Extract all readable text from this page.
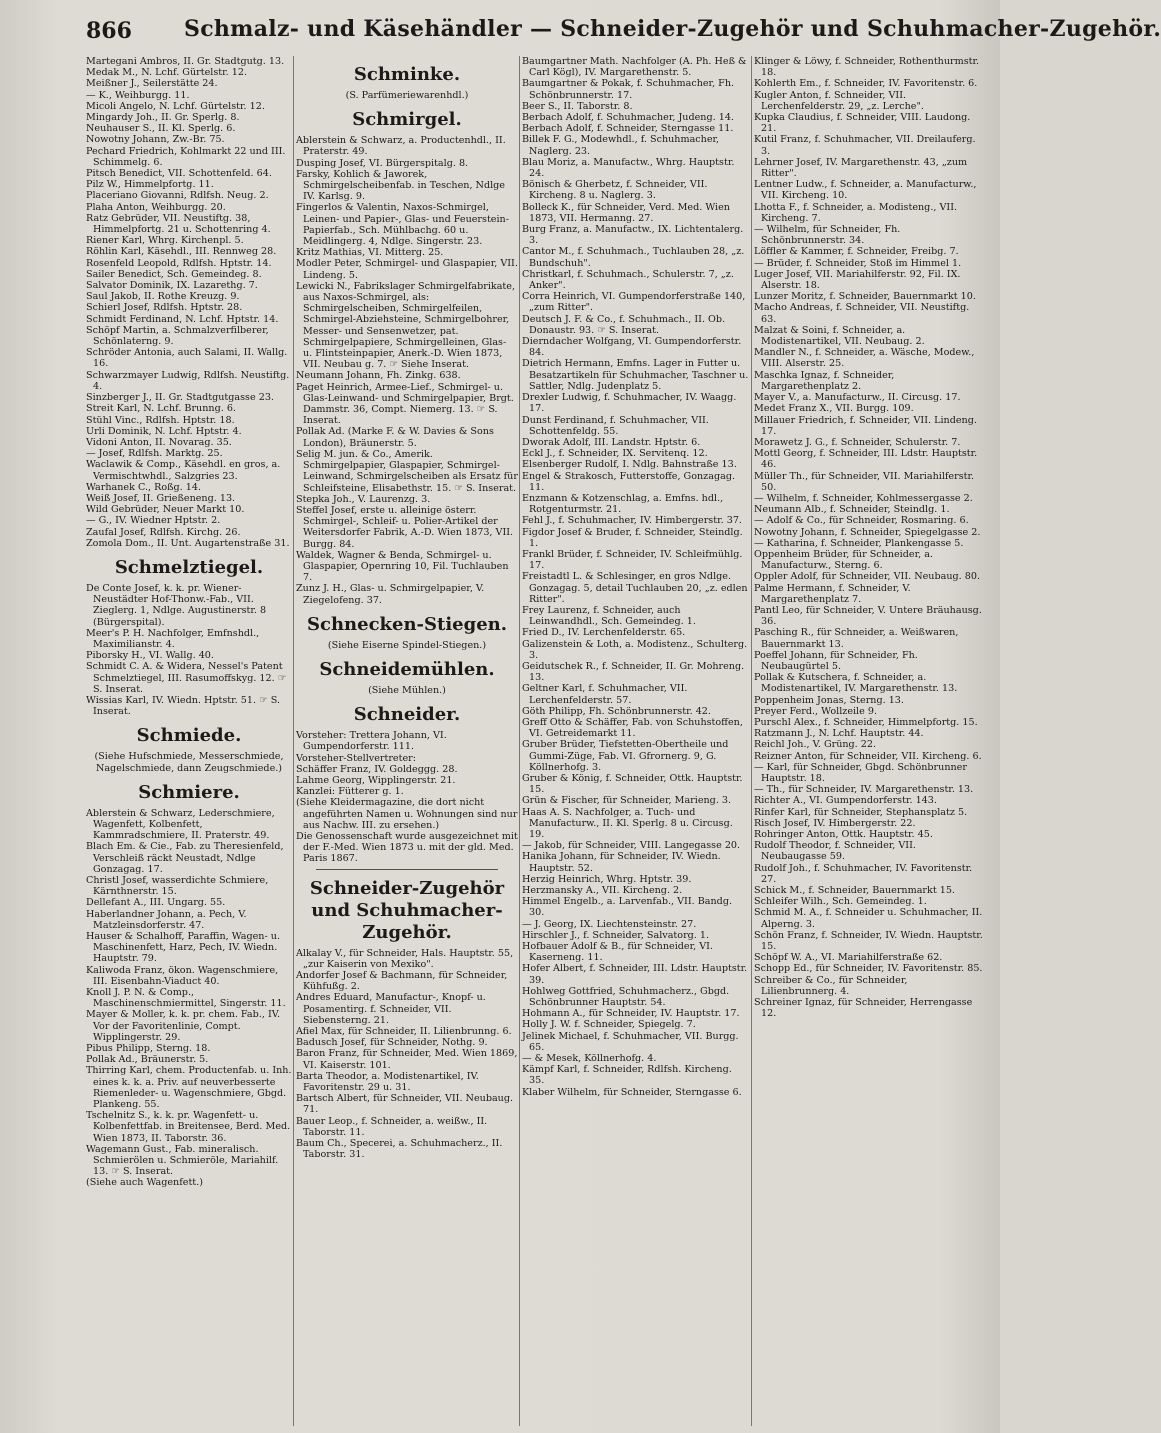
866 Schmalz- und Käsehändler — Schneider-Zugehör und Schuhmacher-Zugehör.
Martegani Ambros, II. Gr. Stadtgutg. 13.
Medak M., N. Lchf. Gürtelstr. 12.
Meißner J., Seilerstätte 24.
— K., Weihburgg. 11.
Micoli Angelo, N. Lchf. Gürtelstr. 12.
Mingardy Joh., II. Gr. Sperlg. 8.
Neuhauser S., II. Kl. Sperlg. 6.
Nowotny Johann, Zw.-Br. 75.
Pechard Friedrich, Kohlmarkt 22 und III. Schimmelg. 6.
Pitsch Benedict, VII. Schottenfeld. 64.
Pilz W., Himmelpfortg. 11.
Placeriano Giovanni, Rdlfsh. Neug. 2.
Plaha Anton, Weihburgg. 20.
Ratz Gebrüder, VII. Neustiftg. 38, Himmelpfortg. 21 u. Schottenring 4.
Riener Karl, Whrg. Kirchenpl. 5.
Röhlin Karl, Käsehdl., III. Rennweg 28.
Rosenfeld Leopold, Rdlfsh. Hptstr. 14.
Sailer Benedict, Sch. Gemeindeg. 8.
Salvator Dominik, IX. Lazarethg. 7.
Saul Jakob, II. Rothe Kreuzg. 9.
Schierl Josef, Rdlfsh. Hptstr. 28.
Schmidt Ferdinand, N. Lchf. Hptstr. 14.
Schöpf Martin, a. Schmalzverfilberer, Schönlaterng. 9.
Schröder Antonia, auch Salami, II. Wallg. 16.
Schwarzmayer Ludwig, Rdlfsh. Neustiftg. 4.
Sinzberger J., II. Gr. Stadtgutgasse 23.
Streit Karl, N. Lchf. Brunng. 6.
Stühl Vinc., Rdlfsh. Hptstr. 18.
Urli Dominik, N. Lchf. Hptstr. 4.
Vidoni Anton, II. Novarag. 35.
— Josef, Rdlfsh. Marktg. 25.
Waclawik & Comp., Käsehdl. en gros, a. Vermischtwhdl., Salzgries 23.
Warhanek C., Roßg. 14.
Weiß Josef, II. Grießeneng. 13.
Wild Gebrüder, Neuer Markt 10.
— G., IV. Wiedner Hptstr. 2.
Zaufal Josef, Rdlfsh. Kirchg. 26.
Zomola Dom., II. Unt. Augartenstraße 31.
Schmelztiegel.
De Conte Josef, k. k. pr. Wiener-Neustädter Hof-Thonw.-Fab., VII. Zieglerg. 1, Ndlge. Augustinerstr. 8 (Bürgerspital).
Meer's P. H. Nachfolger, Emfnshdl., Maximilianstr. 4.
Piborsky H., VI. Wallg. 40.
Schmidt C. A. & Widera, Nessel's Patent Schmelztiegel, III. Rasumoffskyg. 12. ☞ S. Inserat.
Wissias Karl, IV. Wiedn. Hptstr. 51. ☞ S. Inserat.
Schmiede.
(Siehe Hufschmiede, Messerschmiede, Nagelschmiede, dann Zeugschmiede.)
Schmiere.
Ablerstein & Schwarz, Lederschmiere, Wagenfett, Kolbenfett, Kammradschmiere, II. Praterstr. 49.
Blach Em. & Cie., Fab. zu Theresienfeld, Verschleiß räckt Neustadt, Ndlge Gonzagag. 17.
Christl Josef, wasserdichte Schmiere, Kärnthnerstr. 15.
Dellefant A., III. Ungarg. 55.
Haberlandner Johann, a. Pech, V. Matzleinsdorferstr. 47.
Hauser & Schalhoff, Paraffin, Wagen- u. Maschinenfett, Harz, Pech, IV. Wiedn. Hauptstr. 79.
Kaliwoda Franz, ökon. Wagenschmiere, III. Eisenbahn-Viaduct 40.
Knoll J. P. N. & Comp., Maschinenschmiermittel, Singerstr. 11.
Mayer & Moller, k. k. pr. chem. Fab., IV. Vor der Favoritenlinie, Compt. Wipplingerstr. 29.
Pibus Philipp, Sterng. 18.
Pollak Ad., Bräunerstr. 5.
Thirring Karl, chem. Productenfab. u. Inh. eines k. k. a. Priv. auf neuverbesserte Riemenleder- u. Wagenschmiere, Gbgd. Plankeng. 55.
Tschelnitz S., k. k. pr. Wagenfett- u. Kolbenfettfab. in Breitensee, Berd. Med. Wien 1873, II. Taborstr. 36.
Wagemann Gust., Fab. mineralisch. Schmierölen u. Schmieröle, Mariahilf. 13. ☞ S. Inserat.
(Siehe auch Wagenfett.)
Schminke.
(S. Parfümeriewarenhdl.)
Schmirgel.
Ablerstein & Schwarz, a. Productenhdl., II. Praterstr. 49.
Dusping Josef, VI. Bürgerspitalg. 8.
Farsky, Kohlich & Jaworek, Schmirgelscheibenfab. in Teschen, Ndlge IV. Karlsg. 9.
Fingerlos & Valentin, Naxos-Schmirgel, Leinen- und Papier-, Glas- und Feuerstein-Papierfab., Sch. Mühlbachg. 60 u. Meidlingerg. 4, Ndlge. Singerstr. 23.
Kritz Mathias, VI. Mitterg. 25.
Modler Peter, Schmirgel- und Glaspapier, VII. Lindeng. 5.
Lewicki N., Fabrikslager Schmirgelfabrikate, aus Naxos-Schmirgel, als: Schmirgelscheiben, Schmirgelfeilen, Schmirgel-Abziehsteine, Schmirgelbohrer, Messer- und Sensenwetzer, pat. Schmirgelpapiere, Schmirgelleinen, Glas- u. Flintsteinpapier, Anerk.-D. Wien 1873, VII. Neubau g. 7. ☞ Siehe Inserat.
Neumann Johann, Fh. Zinkg. 638.
Paget Heinrich, Armee-Lief., Schmirgel- u. Glas-Leinwand- und Schmirgelpapier, Brgt. Dammstr. 36, Compt. Niemerg. 13. ☞ S. Inserat.
Pollak Ad. (Marke F. & W. Davies & Sons London), Bräunerstr. 5.
Selig M. jun. & Co., Amerik. Schmirgelpapier, Glaspapier, Schmirgel-Leinwand, Schmirgelscheiben als Ersatz für Schleifsteine, Elisabethstr. 15. ☞ S. Inserat.
Stepka Joh., V. Laurenzg. 3.
Steffel Josef, erste u. alleinige österr. Schmirgel-, Schleif- u. Polier-Artikel der Weitersdorfer Fabrik, A.-D. Wien 1873, VII. Burgg. 84.
Waldek, Wagner & Benda, Schmirgel- u. Glaspapier, Opernring 10, Fil. Tuchlauben 7.
Zunz J. H., Glas- u. Schmirgelpapier, V. Ziegelofeng. 37.
Schnecken-Stiegen.
(Siehe Eiserne Spindel-Stiegen.)
Schneidemühlen.
(Siehe Mühlen.)
Schneider.
Vorsteher: Trettera Johann, VI. Gumpendorferstr. 111.
Vorsteher-Stellvertreter:
Schäffer Franz, IV. Goldeggg. 28.
Lahme Georg, Wipplingerstr. 21.
Kanzlei: Fütterer g. 1.
(Siehe Kleidermagazine, die dort nicht angeführten Namen u. Wohnungen sind nur aus Nachw. III. zu ersehen.)
Die Genossenschaft wurde ausgezeichnet mit der F.-Med. Wien 1873 u. mit der gld. Med. Paris 1867.
Schneider-Zugehör und Schuhmacher-Zugehör.
Alkalay V., für Schneider, Hals. Hauptstr. 55, „zur Kaiserin von Mexiko".
Andorfer Josef & Bachmann, für Schneider, Kühfußg. 2.
Andres Eduard, Manufactur-, Knopf- u. Posamentirg. f. Schneider, VII. Siebensterng. 21.
Afiel Max, für Schneider, II. Lilienbrunng. 6.
Badusch Josef, für Schneider, Nothg. 9.
Baron Franz, für Schneider, Med. Wien 1869, VI. Kaiserstr. 101.
Barta Theodor, a. Modistenartikel, IV. Favoritenstr. 29 u. 31.
Bartsch Albert, für Schneider, VII. Neubaug. 71.
Bauer Leop., f. Schneider, a. weißw., II. Taborstr. 11.
Baum Ch., Specerei, a. Schuhmacherz., II. Taborstr. 31.
Baumgartner Math. Nachfolger (A. Ph. Heß & Carl Kögl), IV. Margarethenstr. 5.
Baumgartner & Pokak, f. Schuhmacher, Fh. Schönbrunnerstr. 17.
Beer S., II. Taborstr. 8.
Berbach Adolf, f. Schuhmacher, Judeng. 14.
Berbach Adolf, f. Schneider, Sterngasse 11.
Billek F. G., Modewhdl., f. Schuhmacher, Naglerg. 23.
Blau Moriz, a. Manufactw., Whrg. Hauptstr. 24.
Bönisch & Gherbetz, f. Schneider, VII. Kircheng. 8 u. Naglerg. 3.
Bolleck K., für Schneider, Verd. Med. Wien 1873, VII. Hermanng. 27.
Burg Franz, a. Manufactw., IX. Lichtentalerg. 3.
Cantor M., f. Schuhmach., Tuchlauben 28, „z. Bundschuh".
Christkarl, f. Schuhmach., Schulerstr. 7, „z. Anker".
Corra Heinrich, VI. Gumpendorferstraße 140, „zum Ritter".
Deutsch J. F. & Co., f. Schuhmach., II. Ob. Donaustr. 93. ☞ S. Inserat.
Dierndacher Wolfgang, VI. Gumpendorferstr. 84.
Dietrich Hermann, Emfns. Lager in Futter u. Besatzartikeln für Schuhmacher, Taschner u. Sattler, Ndlg. Judenplatz 5.
Drexler Ludwig, f. Schuhmacher, IV. Waagg. 17.
Dunst Ferdinand, f. Schuhmacher, VII. Schottenfeldg. 55.
Dworak Adolf, III. Landstr. Hptstr. 6.
Eckl J., f. Schneider, IX. Servitenq. 12.
Elsenberger Rudolf, I. Ndlg. Bahnstraße 13.
Engel & Strakosch, Futterstoffe, Gonzagag. 11.
Enzmann & Kotzenschlag, a. Emfns. hdl., Rotgenturmstr. 21.
Fehl J., f. Schuhmacher, IV. Himbergerstr. 37.
Figdor Josef & Bruder, f. Schneider, Steindlg. 1.
Frankl Brüder, f. Schneider, IV. Schleifmühlg. 17.
Freistadtl L. & Schlesinger, en gros Ndlge. Gonzagag. 5, detail Tuchlauben 20, „z. edlen Ritter".
Frey Laurenz, f. Schneider, auch Leinwandhdl., Sch. Gemeindeg. 1.
Fried D., IV. Lerchenfelderstr. 65.
Galizenstein & Loth, a. Modistenz., Schulterg. 3.
Geidutschek R., f. Schneider, II. Gr. Mohreng. 13.
Geltner Karl, f. Schuhmacher, VII. Lerchenfelderstr. 57.
Göth Philipp, Fh. Schönbrunnerstr. 42.
Greff Otto & Schäffer, Fab. von Schuhstoffen, VI. Getreidemarkt 11.
Gruber Brüder, Tiefstetten-Obertheile und Gummi-Züge, Fab. VI. Gfrornerg. 9, G. Köllnerhofg. 3.
Gruber & König, f. Schneider, Ottk. Hauptstr. 15.
Grün & Fischer, für Schneider, Marieng. 3.
Haas A. S. Nachfolger, a. Tuch- und Manufacturw., II. Kl. Sperlg. 8 u. Circusg. 19.
— Jakob, für Schneider, VIII. Langegasse 20.
Hanika Johann, für Schneider, IV. Wiedn. Hauptstr. 52.
Herzig Heinrich, Whrg. Hptstr. 39.
Herzmansky A., VII. Kircheng. 2.
Himmel Engelb., a. Larvenfab., VII. Bandg. 30.
— J. Georg, IX. Liechtensteinstr. 27.
Hirschler J., f. Schneider, Salvatorg. 1.
Hofbauer Adolf & B., für Schneider, VI. Kaserneng. 11.
Hofer Albert, f. Schneider, III. Ldstr. Hauptstr. 39.
Hohlweg Gottfried, Schuhmacherz., Gbgd. Schönbrunner Hauptstr. 54.
Hohmann A., für Schneider, IV. Hauptstr. 17.
Holly J. W. f. Schneider, Spiegelg. 7.
Jelinek Michael, f. Schuhmacher, VII. Burgg. 65.
— & Mesek, Köllnerhofg. 4.
Kämpf Karl, f. Schneider, Rdlfsh. Kircheng. 35.
Klaber Wilhelm, für Schneider, Sterngasse 6.
Klinger & Löwy, f. Schneider, Rothenthurmstr. 18.
Kohlerth Em., f. Schneider, IV. Favoritenstr. 6.
Kugler Anton, f. Schneider, VII. Lerchenfelderstr. 29, „z. Lerche".
Kupka Claudius, f. Schneider, VIII. Laudong. 21.
Kutil Franz, f. Schuhmacher, VII. Dreilauferg. 3.
Lehrner Josef, IV. Margarethenstr. 43, „zum Ritter".
Lentner Ludw., f. Schneider, a. Manufacturw., VII. Kircheng. 10.
Lhotta F., f. Schneider, a. Modisteng., VII. Kircheng. 7.
— Wilhelm, für Schneider, Fh. Schönbrunnerstr. 34.
Löffler & Kammer, f. Schneider, Freibg. 7.
— Brüder, f. Schneider, Stoß im Himmel 1.
Luger Josef, VII. Mariahilferstr. 92, Fil. IX. Alserstr. 18.
Lunzer Moritz, f. Schneider, Bauernmarkt 10.
Macho Andreas, f. Schneider, VII. Neustiftg. 63.
Malzat & Soini, f. Schneider, a. Modistenartikel, VII. Neubaug. 2.
Mandler N., f. Schneider, a. Wäsche, Modew., VIII. Alserstr. 25.
Maschka Ignaz, f. Schneider, Margarethenplatz 2.
Mayer V., a. Manufacturw., II. Circusg. 17.
Medet Franz X., VII. Burgg. 109.
Millauer Friedrich, f. Schneider, VII. Lindeng. 17.
Morawetz J. G., f. Schneider, Schulerstr. 7.
Mottl Georg, f. Schneider, III. Ldstr. Hauptstr. 46.
Müller Th., für Schneider, VII. Mariahilferstr. 50.
— Wilhelm, f. Schneider, Kohlmessergasse 2.
Neumann Alb., f. Schneider, Steindlg. 1.
— Adolf & Co., für Schneider, Rosmaring. 6.
Nowotny Johann, f. Schneider, Spiegelgasse 2.
— Katharina, f. Schneider, Plankengasse 5.
Oppenheim Brüder, für Schneider, a. Manufacturw., Sterng. 6.
Oppler Adolf, für Schneider, VII. Neubaug. 80.
Palme Hermann, f. Schneider, V. Margarethenplatz 7.
Pantl Leo, für Schneider, V. Untere Bräuhausg. 36.
Pasching R., für Schneider, a. Weißwaren, Bauernmarkt 13.
Poeffel Johann, für Schneider, Fh. Neubaugürtel 5.
Pollak & Kutschera, f. Schneider, a. Modistenartikel, IV. Margarethenstr. 13.
Poppenheim Jonas, Sterng. 13.
Preyer Ferd., Wollzeile 9.
Purschl Alex., f. Schneider, Himmelpfortg. 15.
Ratzmann J., N. Lchf. Hauptstr. 44.
Reichl Joh., V. Grüng. 22.
Reizner Anton, für Schneider, VII. Kircheng. 6.
— Karl, für Schneider, Gbgd. Schönbrunner Hauptstr. 18.
— Th., für Schneider, IV. Margarethenstr. 13.
Richter A., VI. Gumpendorferstr. 143.
Rinfer Karl, für Schneider, Stephansplatz 5.
Risch Josef, IV. Himbergerstr. 22.
Rohringer Anton, Ottk. Hauptstr. 45.
Rudolf Theodor, f. Schneider, VII. Neubaugasse 59.
Rudolf Joh., f. Schuhmacher, IV. Favoritenstr. 27.
Schick M., f. Schneider, Bauernmarkt 15.
Schleifer Wilh., Sch. Gemeindeg. 1.
Schmid M. A., f. Schneider u. Schuhmacher, II. Alperng. 3.
Schön Franz, f. Schneider, IV. Wiedn. Hauptstr. 15.
Schöpf W. A., VI. Mariahilferstraße 62.
Schopp Ed., für Schneider, IV. Favoritenstr. 85.
Schreiber & Co., für Schneider, Lilienbrunnerg. 4.
Schreiner Ignaz, für Schneider, Herrengasse 12.
